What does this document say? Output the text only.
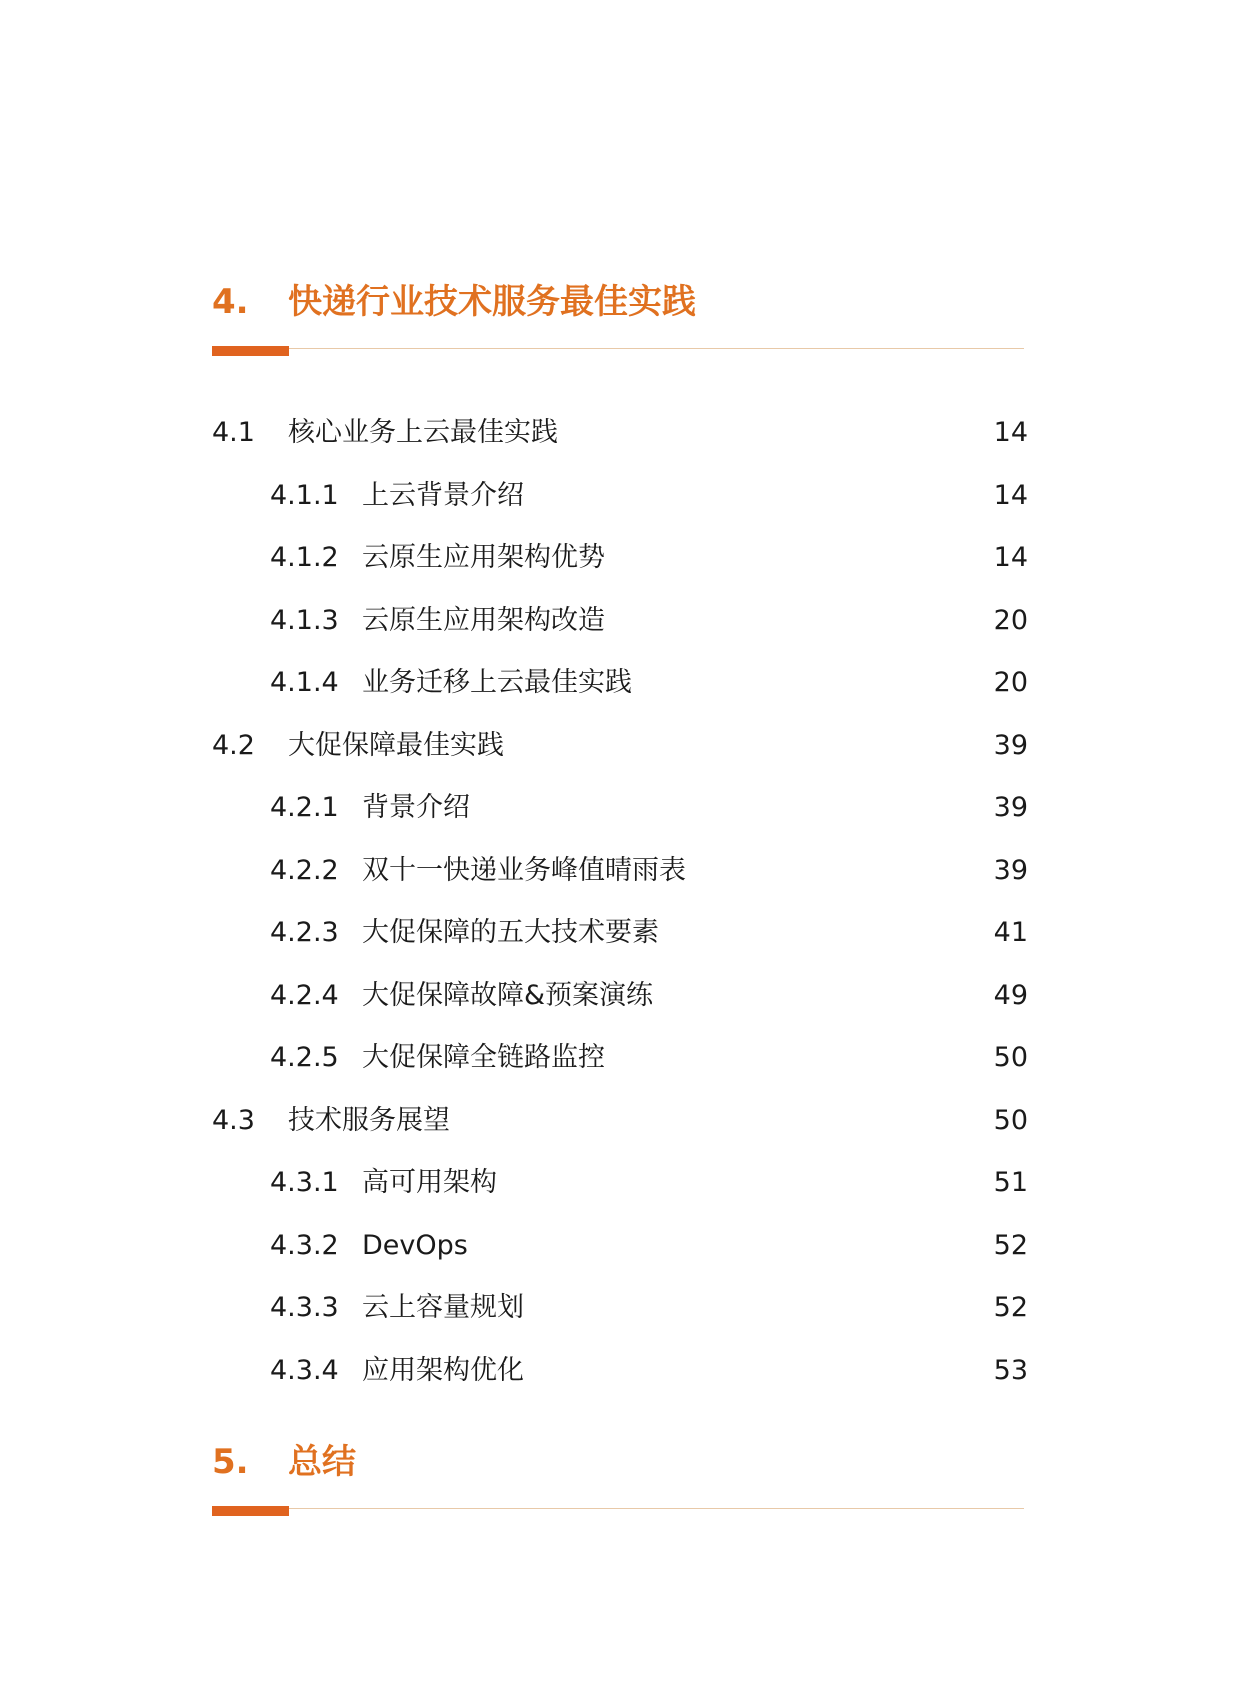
4. 快递行业技术服务最佳实践
4.1 核心业务上云最佳实践	14
4.1.1 上云背景介绍	14
4.1.2 云原生应用架构优势	14
4.1.3 云原生应用架构改造	20
4.1.4 业务迁移上云最佳实践	20
4.2 大促保障最佳实践	39
4.2.1 背景介绍	39
4.2.2 双十一快递业务峰值晴雨表	39
4.2.3 大促保障的五大技术要素	41
4.2.4 大促保障故障&预案演练	49
4.2.5 大促保障全链路监控	50
4.3 技术服务展望	50
4.3.1 高可用架构	51
4.3.2 DevOps	52
4.3.3 云上容量规划	52
4.3.4 应用架构优化	53
5. 总结
